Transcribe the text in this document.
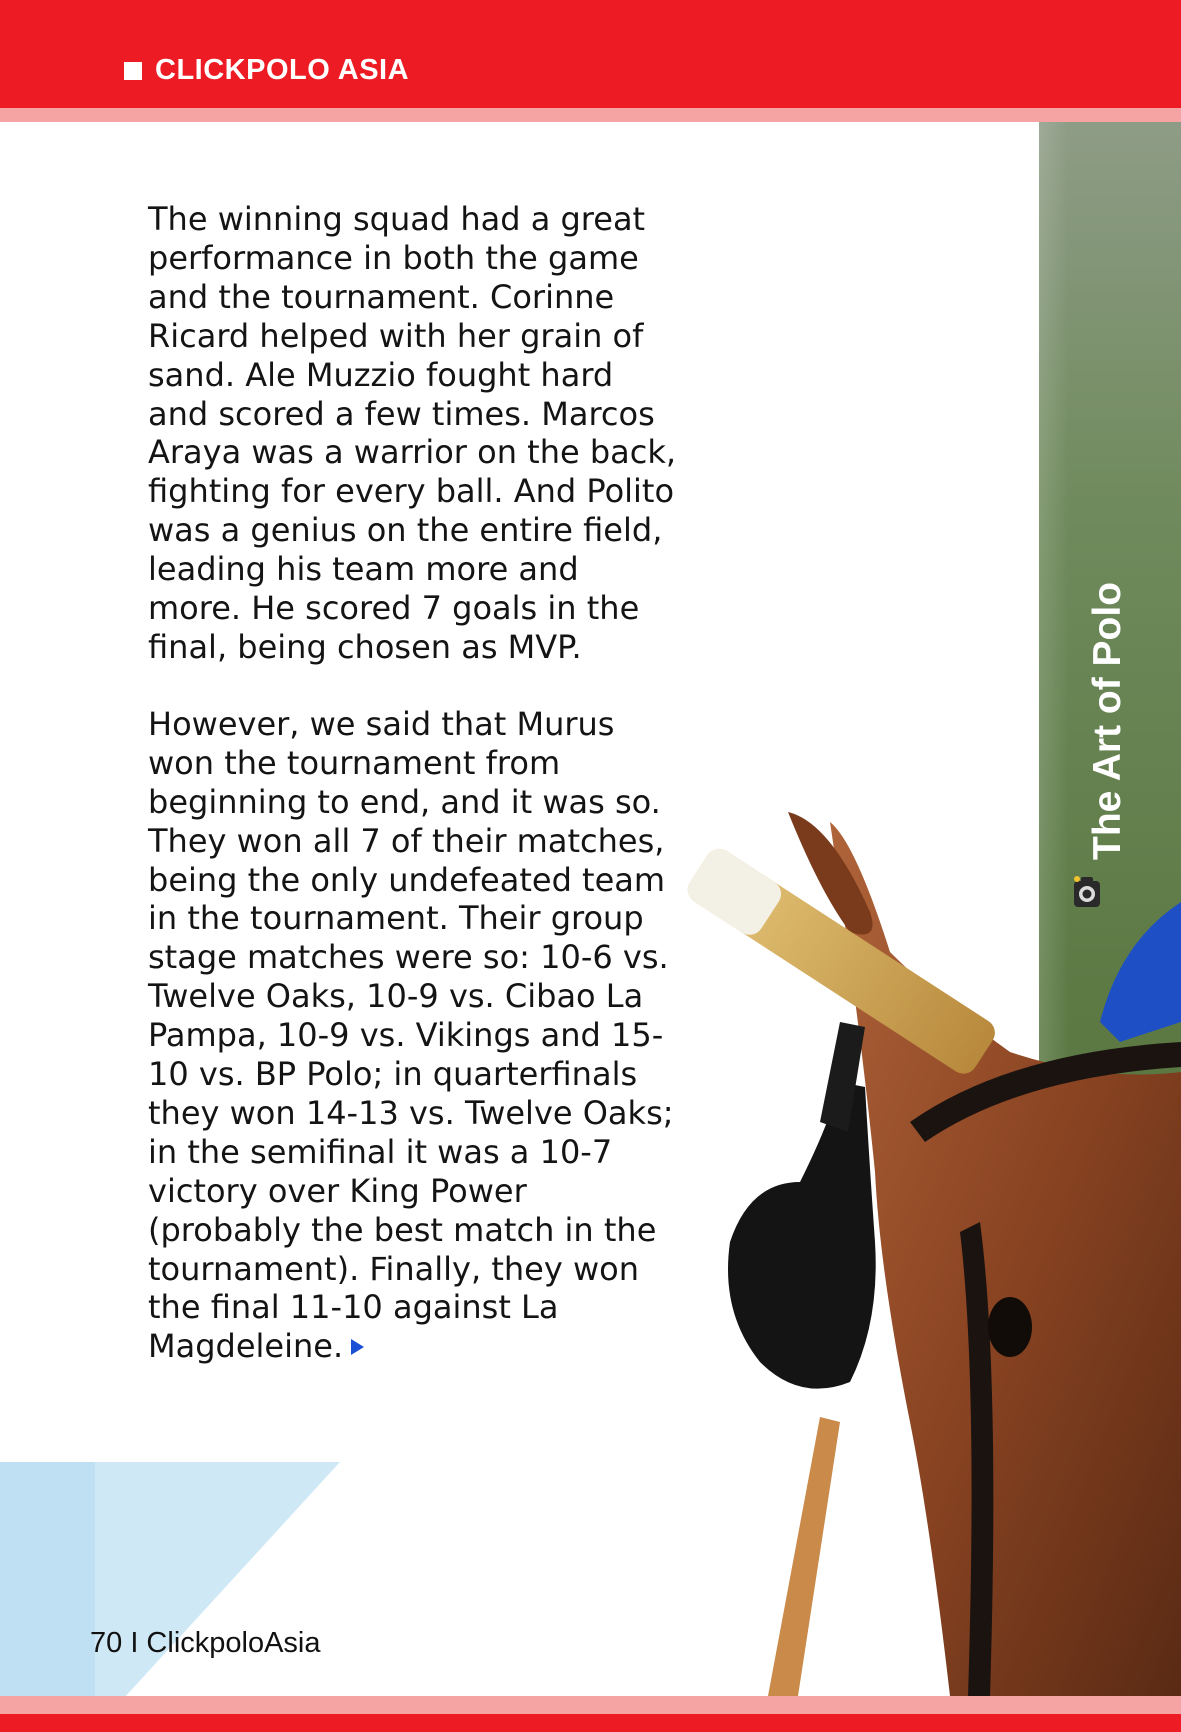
CLICKPOLO ASIA
The Art of Polo

The winning squad had a great performance in both the game and the tournament. Corinne Ricard helped with her grain of sand. Ale Muzzio fought hard and scored a few times. Marcos Araya was a warrior on the back, fighting for every ball. And Polito was a genius on the entire field, leading his team more and more. He scored 7 goals in the final, being chosen as MVP.

However, we said that Murus won the tournament from beginning to end, and it was so. They won all 7 of their matches, being the only undefeated team in the tournament. Their group stage matches were so: 10-6 vs. Twelve Oaks, 10-9 vs. Cibao La Pampa, 10-9 vs. Vikings and 15-10 vs. BP Polo; in quarterfinals they won 14-13 vs. Twelve Oaks; in the semifinal it was a 10-7 victory over King Power (probably the best match in the tournament). Finally, they won the final 11-10 against La Magdeleine.

70 I ClickpoloAsia
